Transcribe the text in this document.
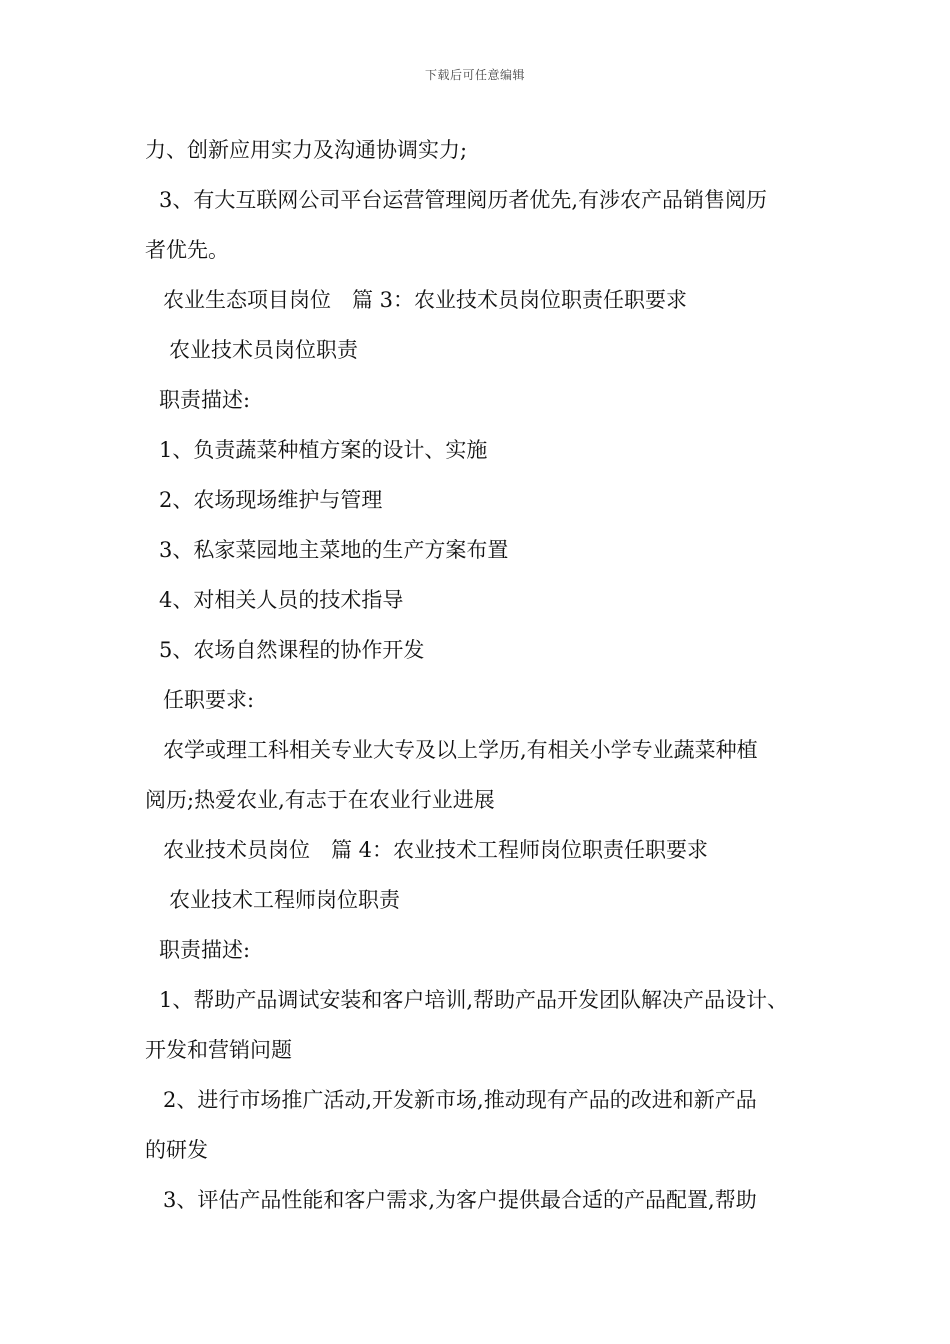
下载后可任意编辑
力、创新应用实力及沟通协调实力;
3、有大互联网公司平台运营管理阅历者优先,有涉农产品销售阅历
者优先。
农业生态项目岗位　篇 3：农业技术员岗位职责任职要求
农业技术员岗位职责
职责描述:
1、负责蔬菜种植方案的设计、实施
2、农场现场维护与管理
3、私家菜园地主菜地的生产方案布置
4、对相关人员的技术指导
5、农场自然课程的协作开发
任职要求:
农学或理工科相关专业大专及以上学历,有相关小学专业蔬菜种植
阅历;热爱农业,有志于在农业行业进展
农业技术员岗位　篇 4：农业技术工程师岗位职责任职要求
农业技术工程师岗位职责
职责描述:
1、帮助产品调试安装和客户培训,帮助产品开发团队解决产品设计、
开发和营销问题
2、进行市场推广活动,开发新市场,推动现有产品的改进和新产品
的研发
3、评估产品性能和客户需求,为客户提供最合适的产品配置,帮助
